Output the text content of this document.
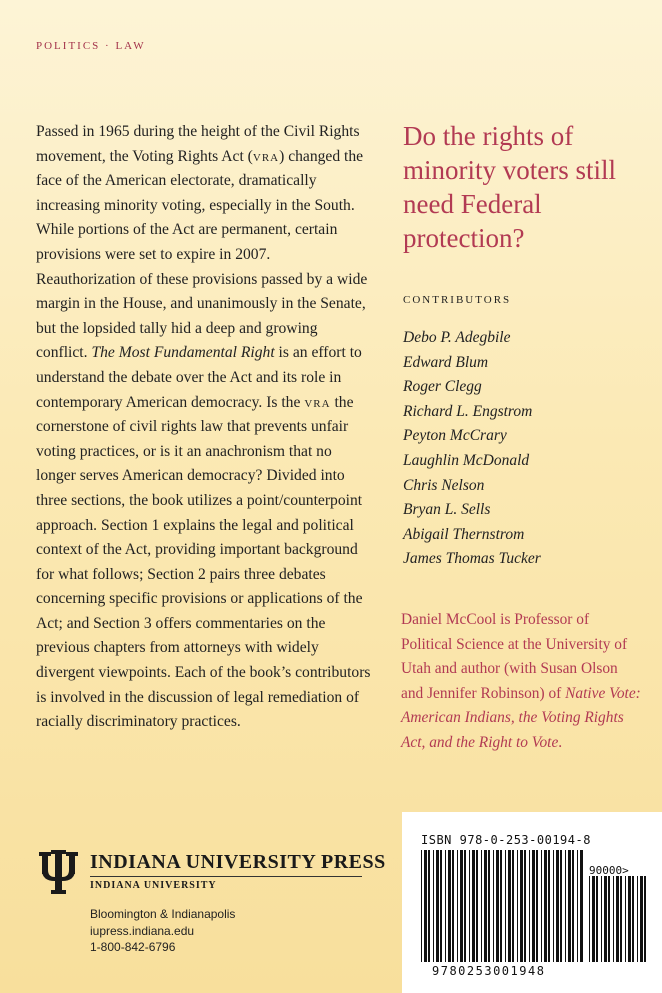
POLITICS · LAW

Passed in 1965 during the height of the Civil Rights movement, the Voting Rights Act (vra) changed the face of the American electorate, dramatically increasing minority voting, especially in the South. While portions of the Act are permanent, certain provisions were set to expire in 2007. Reauthorization of these provisions passed by a wide margin in the House, and unanimously in the Senate, but the lopsided tally hid a deep and growing conflict. The Most Fundamental Right is an effort to understand the debate over the Act and its role in contemporary American democracy. Is the vra the cornerstone of civil rights law that prevents unfair voting practices, or is it an anachronism that no longer serves American democracy? Divided into three sections, the book utilizes a point/counterpoint approach. Section 1 explains the legal and political context of the Act, providing important background for what follows; Section 2 pairs three debates concerning specific provisions or applications of the Act; and Section 3 offers commentaries on the previous chapters from attorneys with widely divergent viewpoints. Each of the book’s contributors is involved in the discussion of legal remediation of racially discriminatory practices.

Do the rights of minority voters still need Federal protection?
CONTRIBUTORS
Debo P. Adegbile
Edward Blum
Roger Clegg
Richard L. Engstrom
Peyton McCrary
Laughlin McDonald
Chris Nelson
Bryan L. Sells
Abigail Thernstrom
James Thomas Tucker
Daniel McCool is Professor of Political Science at the University of Utah and author (with Susan Olson and Jennifer Robinson) of Native Vote: American Indians, the Voting Rights Act, and the Right to Vote.
INDIANA UNIVERSITY PRESS
INDIANA UNIVERSITY
Bloomington & Indianapolis
iupress.indiana.edu
1-800-842-6796
ISBN 978-0-253-00194-8
9780253001948
90000>
